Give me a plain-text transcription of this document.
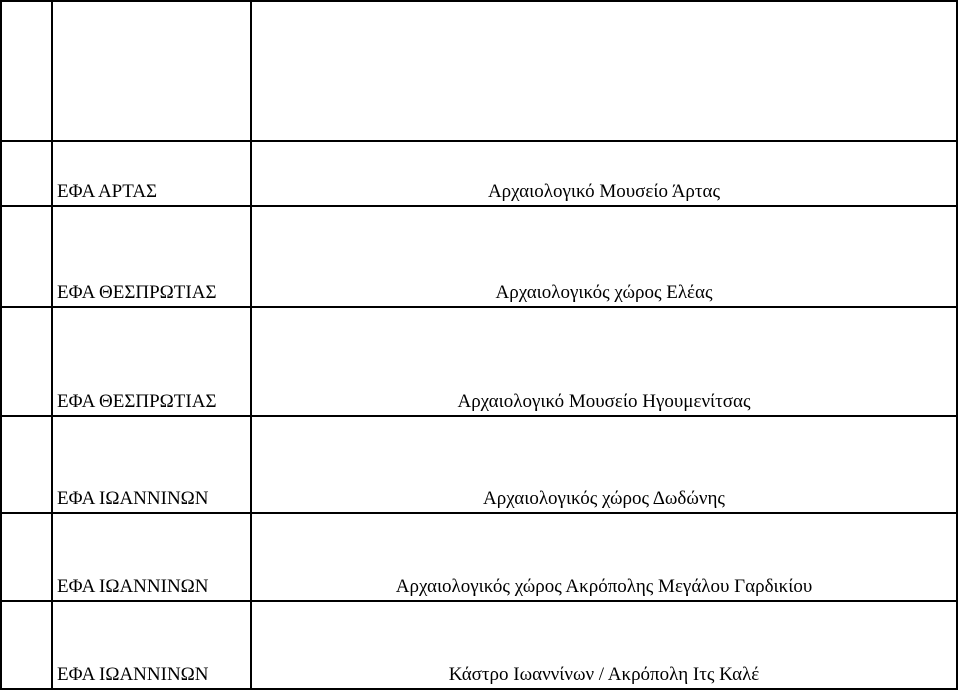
	ΕΦΑ ΑΡΤΑΣ	Αρχαιολογικό Μουσείο Άρτας
	ΕΦΑ ΘΕΣΠΡΩΤΙΑΣ	Αρχαιολογικός χώρος Ελέας
	ΕΦΑ ΘΕΣΠΡΩΤΙΑΣ	Αρχαιολογικό Μουσείο Ηγουμενίτσας
	ΕΦΑ ΙΩΑΝΝΙΝΩΝ	Αρχαιολογικός χώρος Δωδώνης
	ΕΦΑ ΙΩΑΝΝΙΝΩΝ	Αρχαιολογικός χώρος Ακρόπολης Μεγάλου Γαρδικίου
	ΕΦΑ ΙΩΑΝΝΙΝΩΝ	Κάστρο Ιωαννίνων / Ακρόπολη Ιτς Καλέ
